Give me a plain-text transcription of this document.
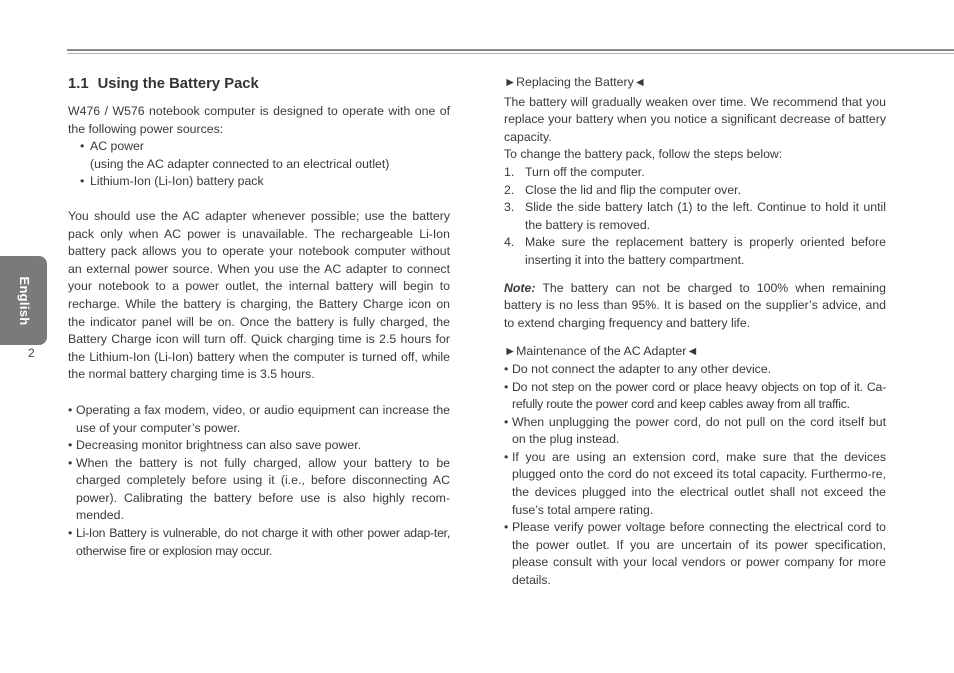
English
2
1.1 Using the Battery Pack

W476 / W576 notebook computer is designed to operate with one of the following power sources:

• AC power
(using the AC adapter connected to an electrical outlet)
• Lithium-Ion (Li-Ion) battery pack

You should use the AC adapter whenever possible; use the battery pack only when AC power is unavailable. The rechargeable Li-Ion battery pack allows you to operate your notebook computer without an external power source. When you use the AC adapter to connect your notebook to a power outlet, the internal battery will begin to recharge. While the battery is charging, the Battery Charge icon on the indicator panel will be on. Once the battery is fully charged, the Battery Charge icon will turn off. Quick charging time is 2.5 hours for the Lithium-Ion (Li-Ion) battery when the computer is turned off, while the normal battery charging time is 3.5 hours.

• Operating a fax modem, video, or audio equipment can increase the use of your computer’s power.
• Decreasing monitor brightness can also save power.
• When the battery is not fully charged, allow your battery to be charged completely before using it (i.e., before disconnecting AC power). Calibrating the battery before use is also highly recom-mended.
• Li-Ion Battery is vulnerable, do not charge it with other power adap-ter, otherwise fire or explosion may occur.
►Replacing the Battery◄

The battery will gradually weaken over time. We recommend that you replace your battery when you notice a significant decrease of battery capacity.

To change the battery pack, follow the steps below:

1. Turn off the computer.
2. Close the lid and flip the computer over.
3. Slide the side battery latch (1) to the left. Continue to hold it until the battery is removed.
4. Make sure the replacement battery is properly oriented before inserting it into the battery compartment.

Note: The battery can not be charged to 100% when remaining battery is no less than 95%. It is based on the supplier’s advice, and to extend charging frequency and battery life.

►Maintenance of the AC Adapter◄
• Do not connect the adapter to any other device.
• Do not step on the power cord or place heavy objects on top of it. Ca-refully route the power cord and keep cables away from all traffic.
• When unplugging the power cord, do not pull on the cord itself but on the plug instead.
• If you are using an extension cord, make sure that the devices plugged onto the cord do not exceed its total capacity. Furthermo-re, the devices plugged into the electrical outlet shall not exceed the fuse’s total ampere rating.
• Please verify power voltage before connecting the electrical cord to the power outlet. If you are uncertain of its power specification, please consult with your local vendors or power company for more details.
